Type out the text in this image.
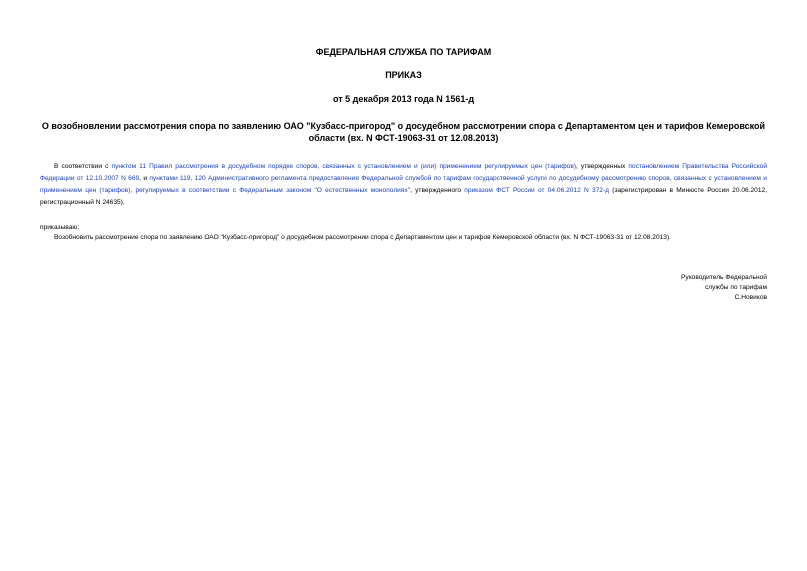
ФЕДЕРАЛЬНАЯ СЛУЖБА ПО ТАРИФАМ
ПРИКАЗ
от 5 декабря 2013 года N 1561-д
О возобновлении рассмотрения спора по заявлению ОАО "Кузбасс-пригород" о досудебном рассмотрении спора с Департаментом цен и тарифов Кемеровской области (вх. N ФСТ-19063-31 от 12.08.2013)
В соответствии с пунктом 11 Правил рассмотрения в досудебном порядке споров, связанных с установлением и (или) применением регулируемых цен (тарифов), утвержденных постановлением Правительства Российской Федерации от 12.10.2007 N 669, и пунктами 119, 120 Административного регламента предоставления Федеральной службой по тарифам государственной услуги по досудебному рассмотрению споров, связанных с установлением и применением цен (тарифов), регулируемых в соответствии с Федеральным законом "О естественных монополиях", утвержденного приказом ФСТ России от 04.06.2012 N 372-д (зарегистрирован в Минюсте России 20.06.2012, регистрационный N 24635),
приказываю:
Возобновить рассмотрение спора по заявлению ОАО "Кузбасс-пригород" о досудебном рассмотрении спора с Департаментом цен и тарифов Кемеровской области (вх. N ФСТ-19063-31 от 12.08.2013).
Руководитель Федеральной
службы по тарифам
С.Новиков
